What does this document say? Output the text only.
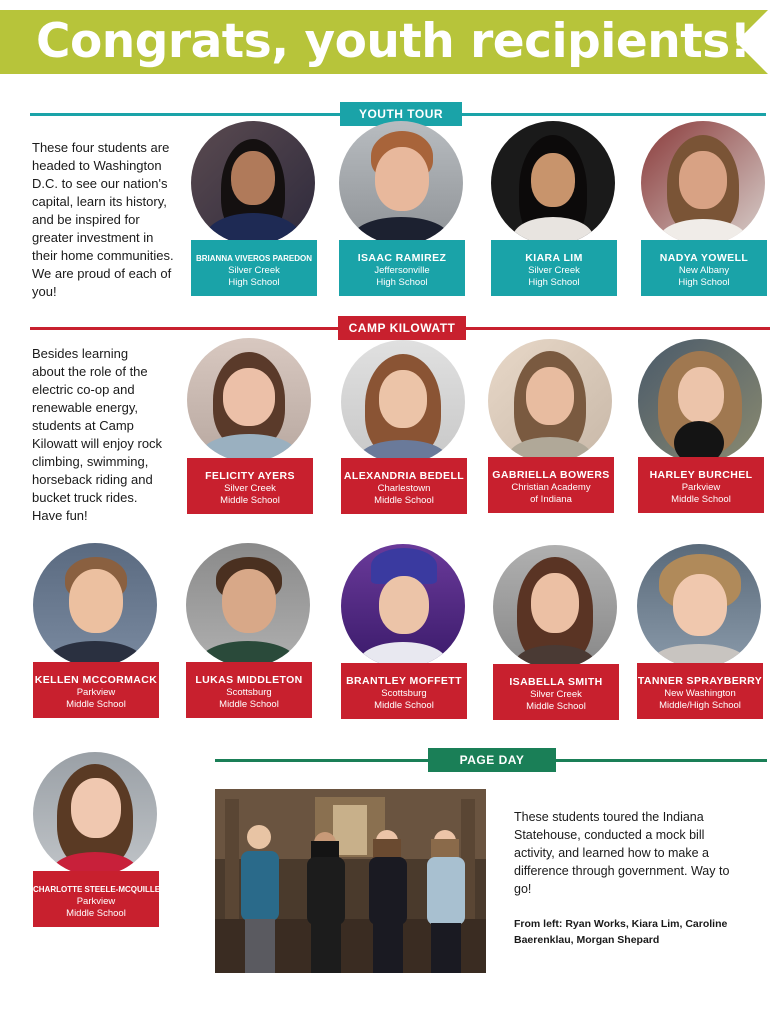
Congrats, youth recipients!
YOUTH TOUR
These four students are headed to Washington D.C. to see our nation's capital, learn its history, and be inspired for greater investment in their home communities. We are proud of each of you!
BRIANNA VIVEROS PAREDON
Silver Creek
High School
ISAAC RAMIREZ
Jeffersonville
High School
KIARA LIM
Silver Creek
High School
NADYA YOWELL
New Albany
High School
CAMP KILOWATT
Besides learning about the role of the electric co-op and renewable energy, students at Camp Kilowatt will enjoy rock climbing, swimming, horseback riding and bucket truck rides. Have fun!
FELICITY AYERS
Silver Creek
Middle School
ALEXANDRIA BEDELL
Charlestown
Middle School
GABRIELLA BOWERS
Christian Academy
of Indiana
HARLEY BURCHEL
Parkview
Middle School
KELLEN MCCORMACK
Parkview
Middle School
LUKAS MIDDLETON
Scottsburg
Middle School
BRANTLEY MOFFETT
Scottsburg
Middle School
ISABELLA SMITH
Silver Creek
Middle School
TANNER SPRAYBERRY
New Washington
Middle/High School
CHARLOTTE STEELE-MCQUILLEN
Parkview
Middle School
PAGE DAY
These students toured the Indiana Statehouse, conducted a mock bill activity, and learned how to make a difference through government. Way to go!
From left: Ryan Works, Kiara Lim, Caroline Baerenklau, Morgan Shepard
